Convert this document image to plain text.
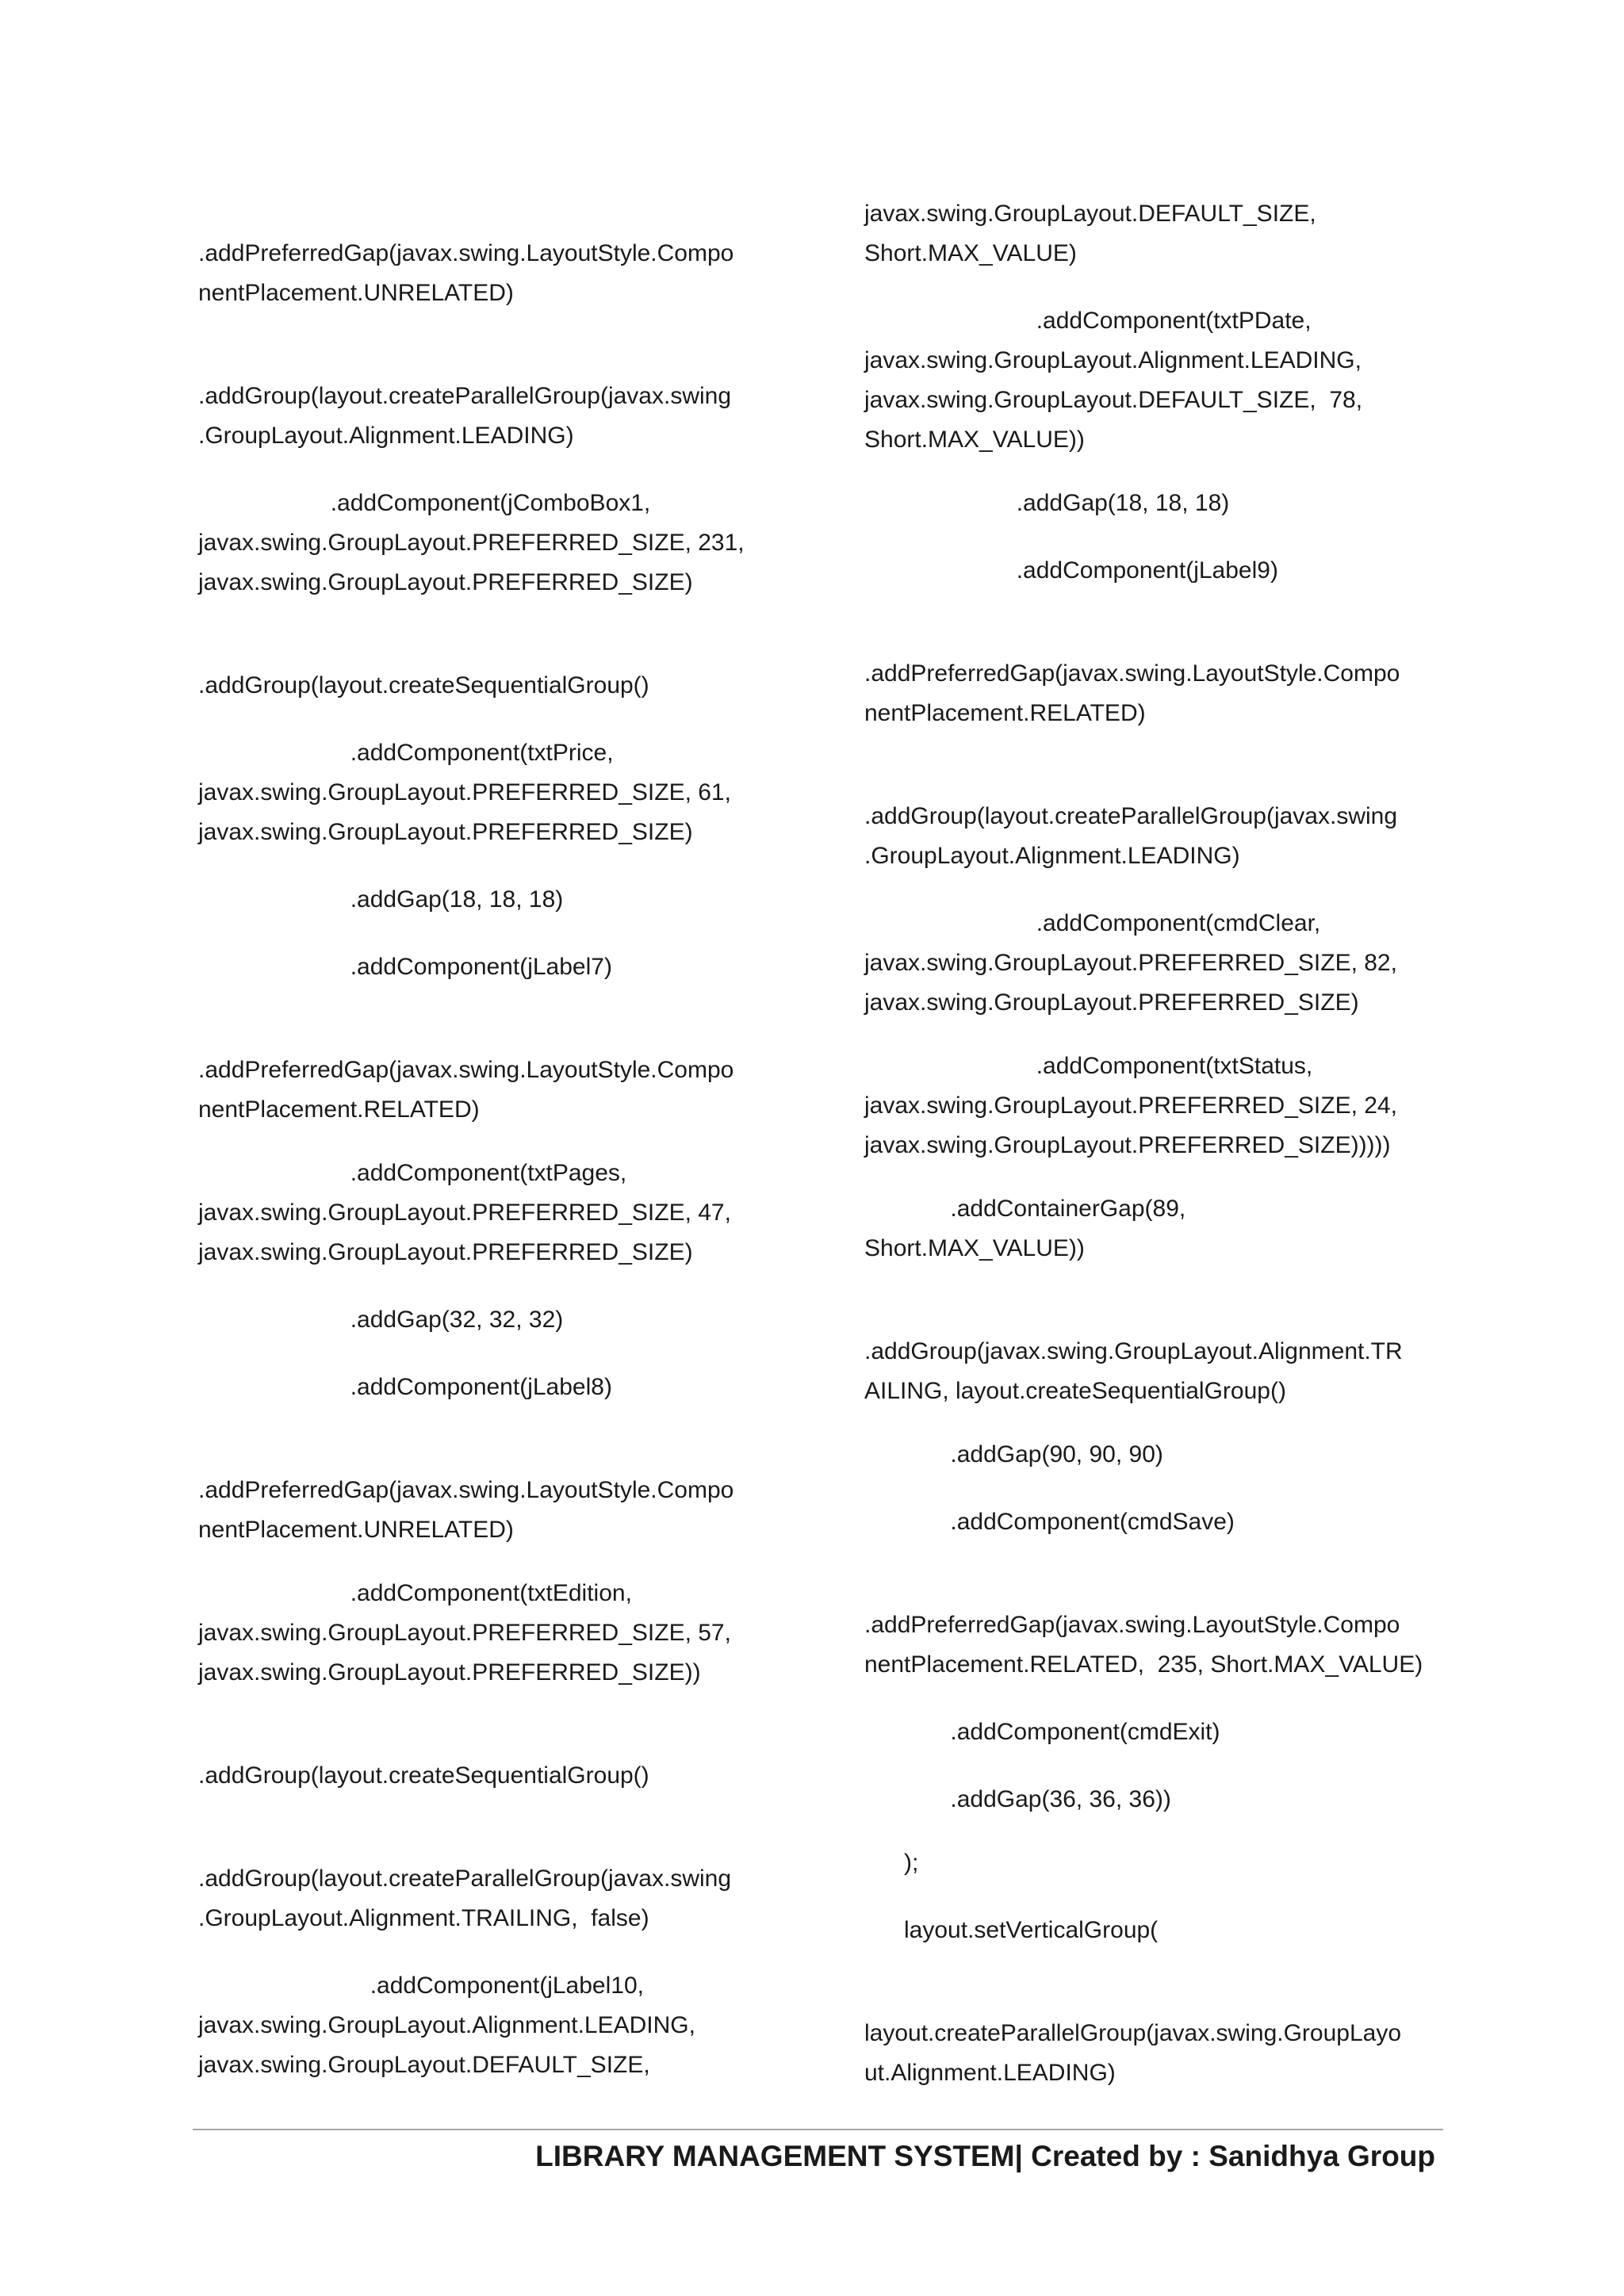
.addPreferredGap(javax.swing.LayoutStyle.Compo
nentPlacement.UNRELATED)
.addGroup(layout.createParallelGroup(javax.swing
.GroupLayout.Alignment.LEADING)
.addComponent(jComboBox1,
javax.swing.GroupLayout.PREFERRED_SIZE, 231,
javax.swing.GroupLayout.PREFERRED_SIZE)
.addGroup(layout.createSequentialGroup()
.addComponent(txtPrice,
javax.swing.GroupLayout.PREFERRED_SIZE, 61,
javax.swing.GroupLayout.PREFERRED_SIZE)
.addGap(18, 18, 18)
.addComponent(jLabel7)
.addPreferredGap(javax.swing.LayoutStyle.Compo
nentPlacement.RELATED)
.addComponent(txtPages,
javax.swing.GroupLayout.PREFERRED_SIZE, 47,
javax.swing.GroupLayout.PREFERRED_SIZE)
.addGap(32, 32, 32)
.addComponent(jLabel8)
.addPreferredGap(javax.swing.LayoutStyle.Compo
nentPlacement.UNRELATED)
.addComponent(txtEdition,
javax.swing.GroupLayout.PREFERRED_SIZE, 57,
javax.swing.GroupLayout.PREFERRED_SIZE))
.addGroup(layout.createSequentialGroup()
.addGroup(layout.createParallelGroup(javax.swing
.GroupLayout.Alignment.TRAILING,  false)
.addComponent(jLabel10,
javax.swing.GroupLayout.Alignment.LEADING,
javax.swing.GroupLayout.DEFAULT_SIZE,
javax.swing.GroupLayout.DEFAULT_SIZE,
Short.MAX_VALUE)
.addComponent(txtPDate,
javax.swing.GroupLayout.Alignment.LEADING,
javax.swing.GroupLayout.DEFAULT_SIZE,  78,
Short.MAX_VALUE))
.addGap(18, 18, 18)
.addComponent(jLabel9)
.addPreferredGap(javax.swing.LayoutStyle.Compo
nentPlacement.RELATED)
.addGroup(layout.createParallelGroup(javax.swing
.GroupLayout.Alignment.LEADING)
.addComponent(cmdClear,
javax.swing.GroupLayout.PREFERRED_SIZE, 82,
javax.swing.GroupLayout.PREFERRED_SIZE)
.addComponent(txtStatus,
javax.swing.GroupLayout.PREFERRED_SIZE, 24,
javax.swing.GroupLayout.PREFERRED_SIZE)))))
.addContainerGap(89,
Short.MAX_VALUE))
.addGroup(javax.swing.GroupLayout.Alignment.TR
AILING, layout.createSequentialGroup()
.addGap(90, 90, 90)
.addComponent(cmdSave)
.addPreferredGap(javax.swing.LayoutStyle.Compo
nentPlacement.RELATED,  235, Short.MAX_VALUE)
.addComponent(cmdExit)
.addGap(36, 36, 36))
);
layout.setVerticalGroup(
layout.createParallelGroup(javax.swing.GroupLayo
ut.Alignment.LEADING)
LIBRARY MANAGEMENT SYSTEM| Created by : Sanidhya Group
